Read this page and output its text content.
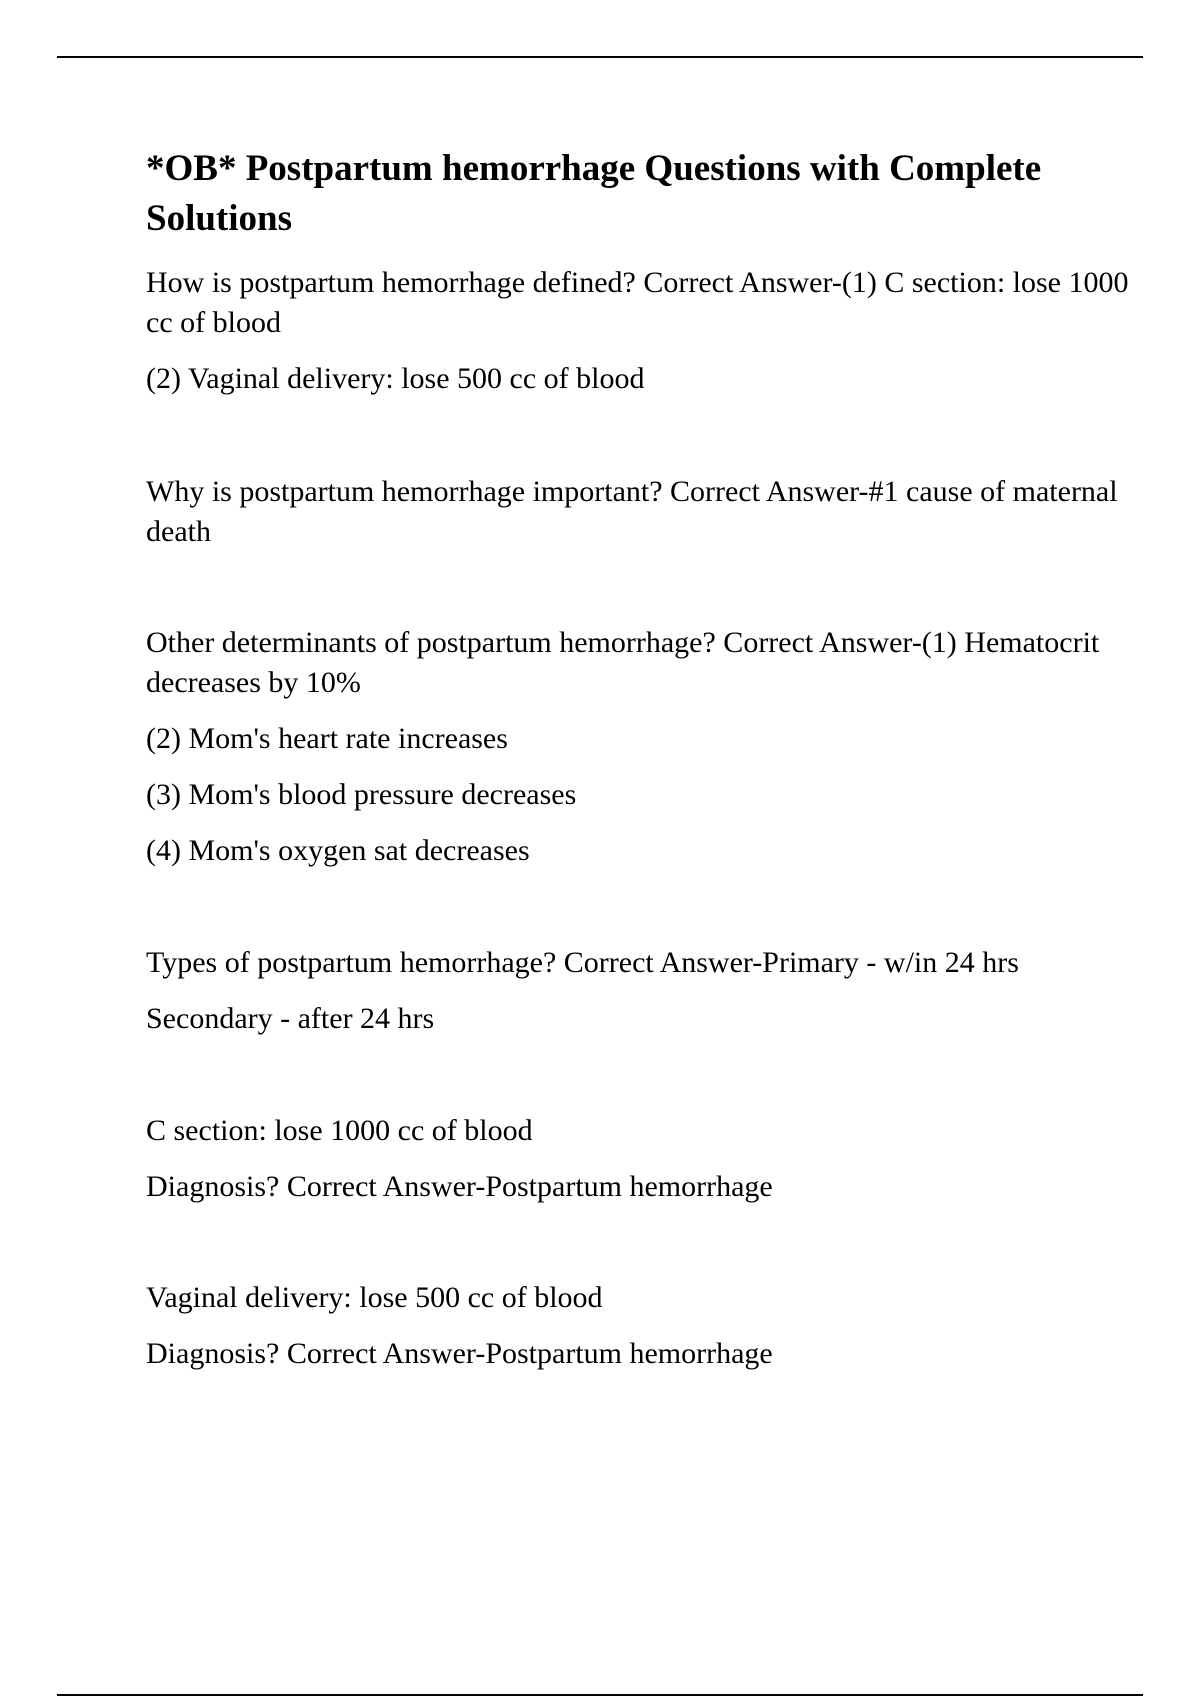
*OB* Postpartum hemorrhage Questions with Complete Solutions

How is postpartum hemorrhage defined? Correct Answer-(1) C section: lose 1000 cc of blood

(2) Vaginal delivery: lose 500 cc of blood

Why is postpartum hemorrhage important? Correct Answer-#1 cause of maternal death

Other determinants of postpartum hemorrhage? Correct Answer-(1) Hematocrit decreases by 10%

(2) Mom's heart rate increases

(3) Mom's blood pressure decreases

(4) Mom's oxygen sat decreases

Types of postpartum hemorrhage? Correct Answer-Primary - w/in 24 hrs

Secondary - after 24 hrs

C section: lose 1000 cc of blood

Diagnosis? Correct Answer-Postpartum hemorrhage

Vaginal delivery: lose 500 cc of blood

Diagnosis? Correct Answer-Postpartum hemorrhage
